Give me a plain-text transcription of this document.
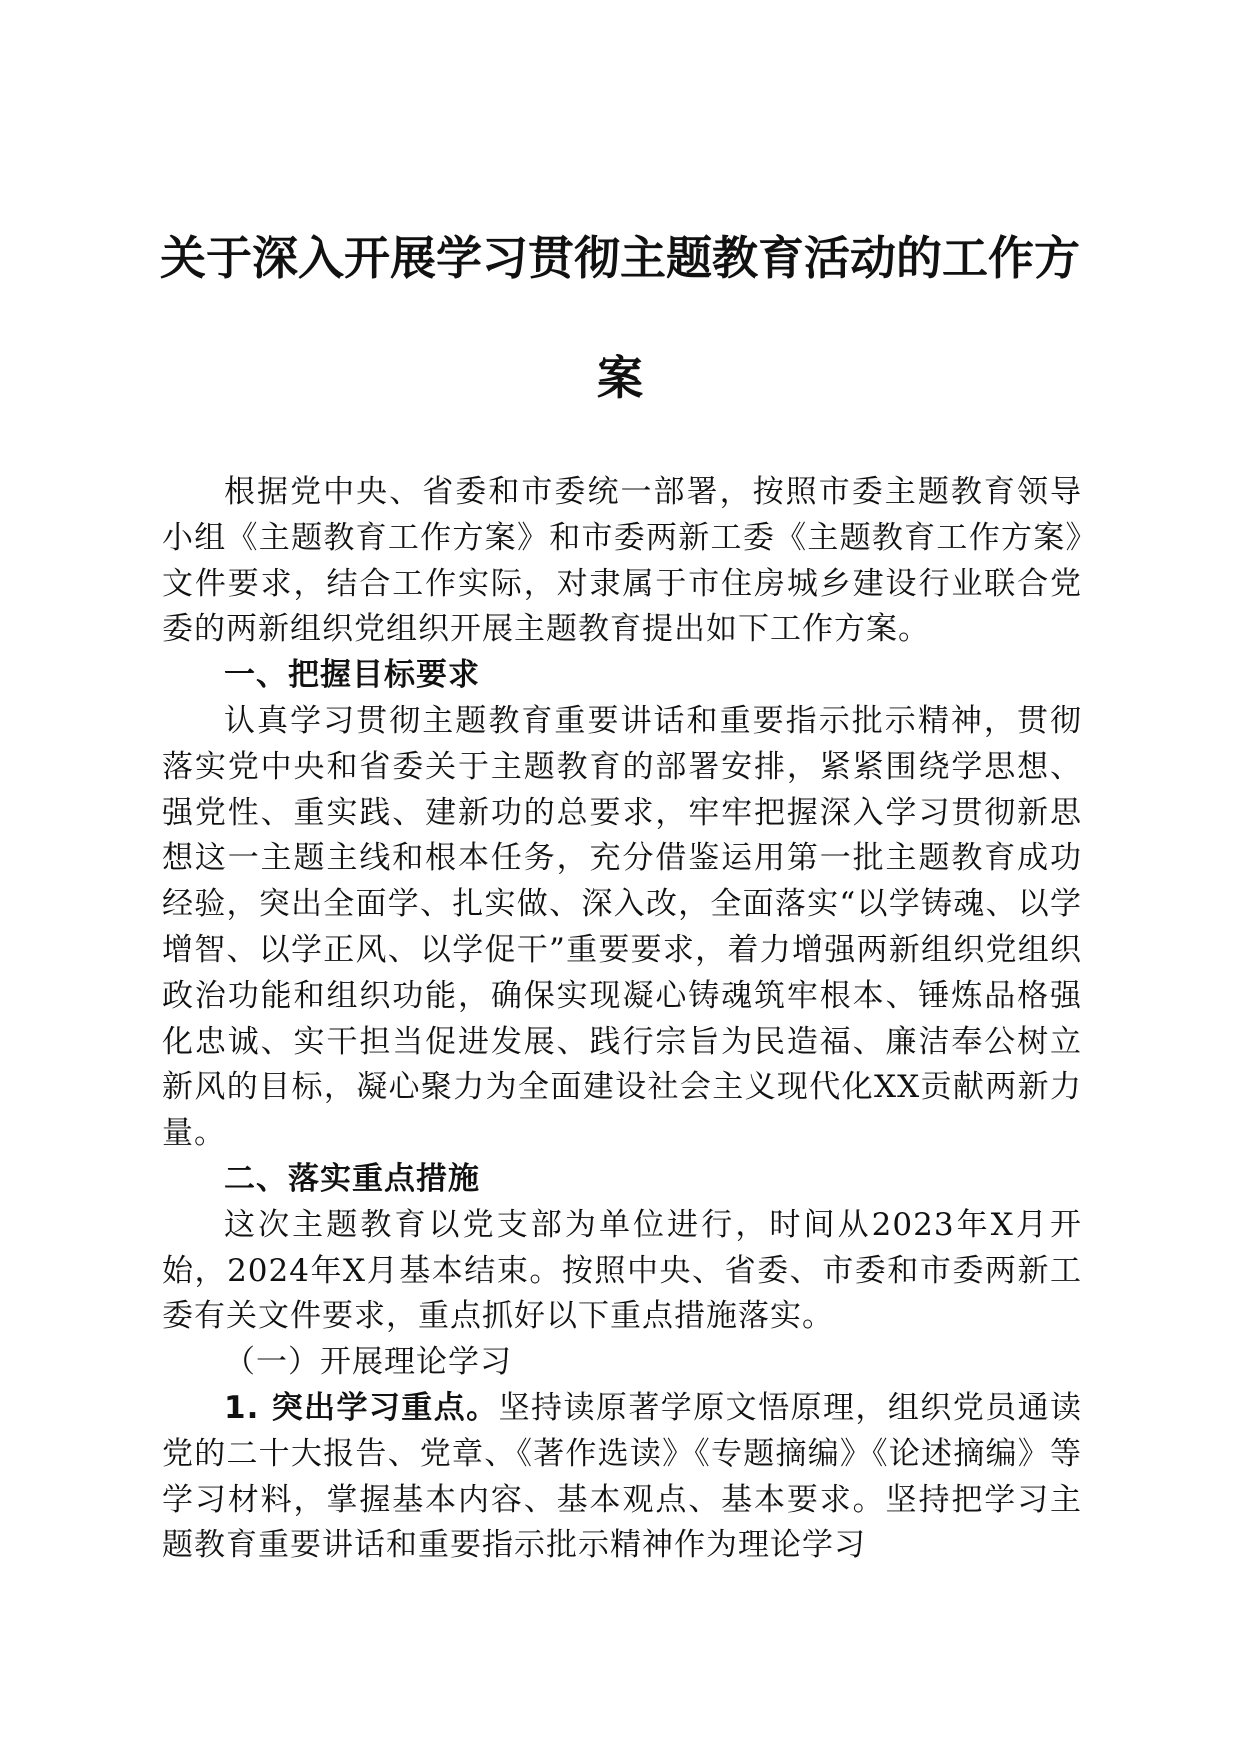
关于深入开展学习贯彻主题教育活动的工作方
案

根据党中央、省委和市委统一部署，按照市委主题教育领导小组《主题教育工作方案》和市委两新工委《主题教育工作方案》文件要求，结合工作实际，对隶属于市住房城乡建设行业联合党委的两新组织党组织开展主题教育提出如下工作方案。

一、把握目标要求

认真学习贯彻主题教育重要讲话和重要指示批示精神，贯彻落实党中央和省委关于主题教育的部署安排，紧紧围绕学思想、强党性、重实践、建新功的总要求，牢牢把握深入学习贯彻新思想这一主题主线和根本任务，充分借鉴运用第一批主题教育成功经验，突出全面学、扎实做、深入改，全面落实“以学铸魂、以学增智、以学正风、以学促干”重要要求，着力增强两新组织党组织政治功能和组织功能，确保实现凝心铸魂筑牢根本、锤炼品格强化忠诚、实干担当促进发展、践行宗旨为民造福、廉洁奉公树立新风的目标，凝心聚力为全面建设社会主义现代化XX贡献两新力量。

二、落实重点措施

这次主题教育以党支部为单位进行，时间从2023年X月开始，2024年X月基本结束。按照中央、省委、市委和市委两新工委有关文件要求，重点抓好以下重点措施落实。

（一）开展理论学习

1. 突出学习重点。坚持读原著学原文悟原理，组织党员通读党的二十大报告、党章、《著作选读》《专题摘编》《论述摘编》等学习材料，掌握基本内容、基本观点、基本要求。坚持把学习主题教育重要讲话和重要指示批示精神作为理论学习
